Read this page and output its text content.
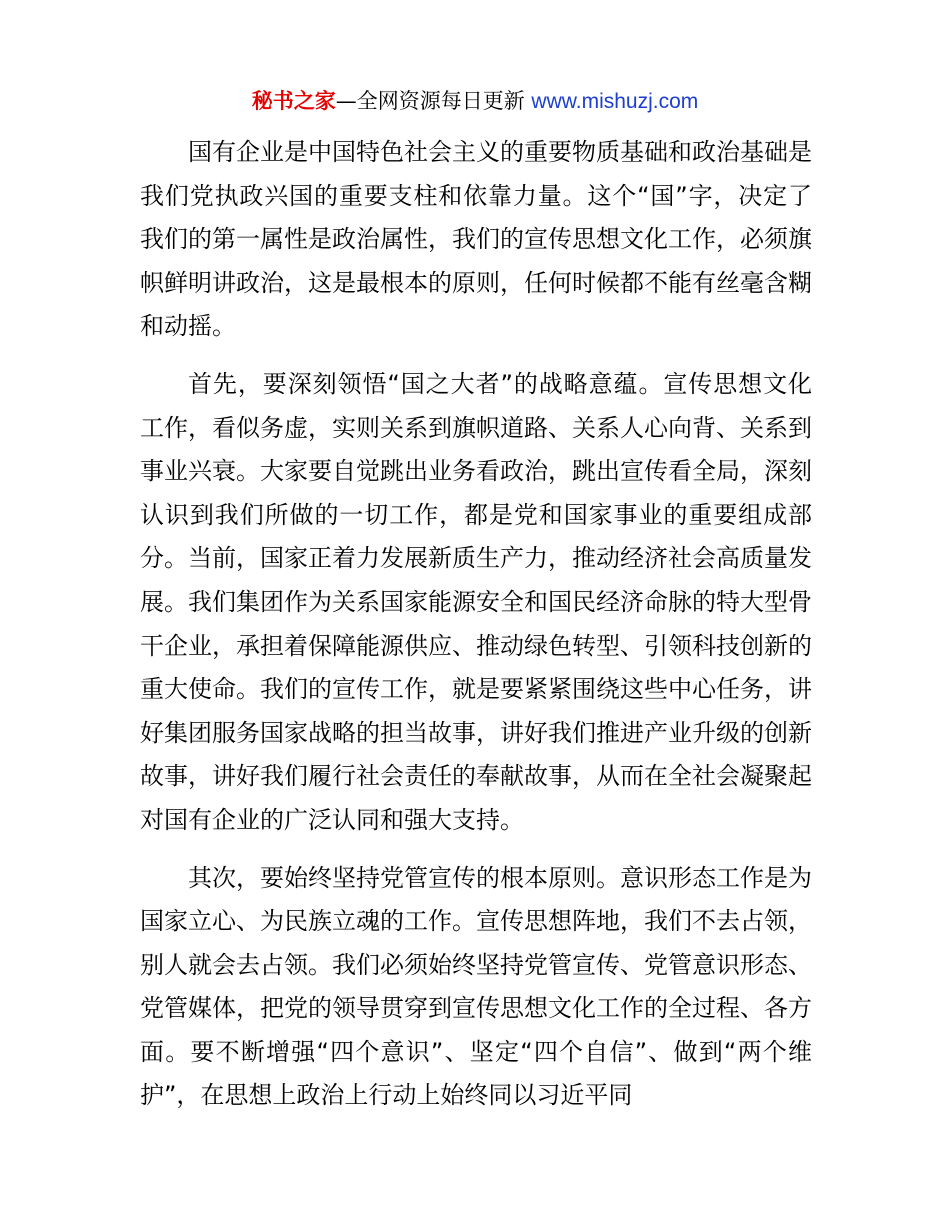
秘书之家—全网资源每日更新 www.mishuzj.com

国有企业是中国特色社会主义的重要物质基础和政治基础是我们党执政兴国的重要支柱和依靠力量。这个“国”字，决定了我们的第一属性是政治属性，我们的宣传思想文化工作，必须旗帜鲜明讲政治，这是最根本的原则，任何时候都不能有丝毫含糊和动摇。

首先，要深刻领悟“国之大者”的战略意蕴。宣传思想文化工作，看似务虚，实则关系到旗帜道路、关系人心向背、关系到事业兴衰。大家要自觉跳出业务看政治，跳出宣传看全局，深刻认识到我们所做的一切工作，都是党和国家事业的重要组成部分。当前，国家正着力发展新质生产力，推动经济社会高质量发展。我们集团作为关系国家能源安全和国民经济命脉的特大型骨干企业，承担着保障能源供应、推动绿色转型、引领科技创新的重大使命。我们的宣传工作，就是要紧紧围绕这些中心任务，讲好集团服务国家战略的担当故事，讲好我们推进产业升级的创新故事，讲好我们履行社会责任的奉献故事，从而在全社会凝聚起对国有企业的广泛认同和强大支持。

其次，要始终坚持党管宣传的根本原则。意识形态工作是为国家立心、为民族立魂的工作。宣传思想阵地，我们不去占领，别人就会去占领。我们必须始终坚持党管宣传、党管意识形态、党管媒体，把党的领导贯穿到宣传思想文化工作的全过程、各方面。要不断增强“四个意识”、坚定“四个自信”、做到“两个维护”，在思想上政治上行动上始终同以习近平同
